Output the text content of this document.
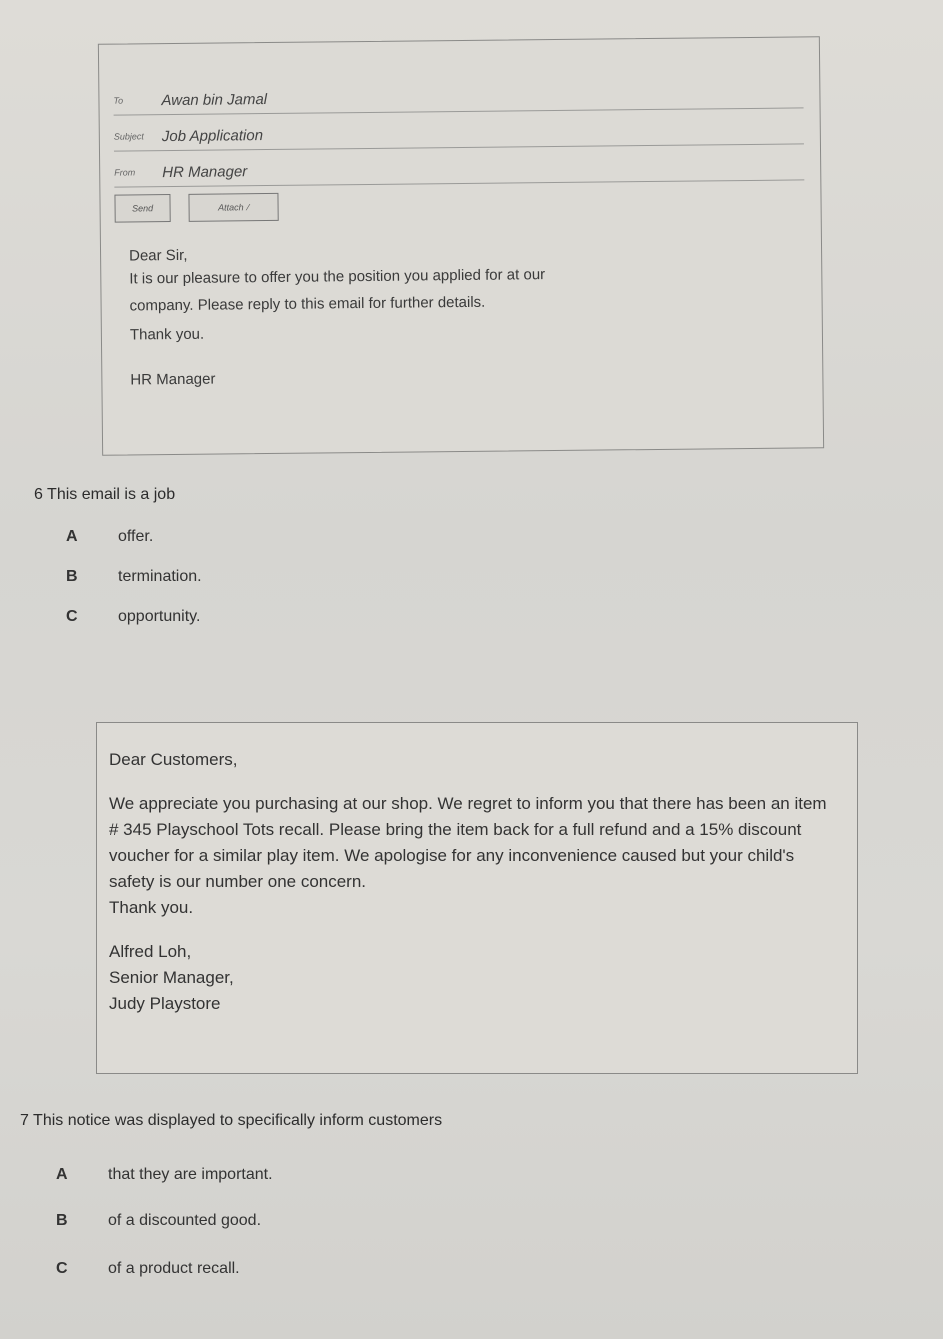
To	Awan bin Jamal
Subject Job Application
From	HR Manager
Send	Attach ∕

Dear Sir,

It is our pleasure to offer you the position you applied for at our

company. Please reply to this email for further details.

Thank you.

HR Manager

6 This email is a job
A	offer.
B	termination.
C	opportunity.

Dear Customers,

We appreciate you purchasing at our shop. We regret to inform you that there has been an item # 345 Playschool Tots recall. Please bring the item back for a full refund and a 15% discount voucher for a similar play item. We apologise for any inconvenience caused but your child's safety is our number one concern.

Thank you.

Alfred Loh,

Senior Manager,

Judy Playstore

7 This notice was displayed to specifically inform customers
A	that they are important.
B	of a discounted good.
C	of a product recall.
